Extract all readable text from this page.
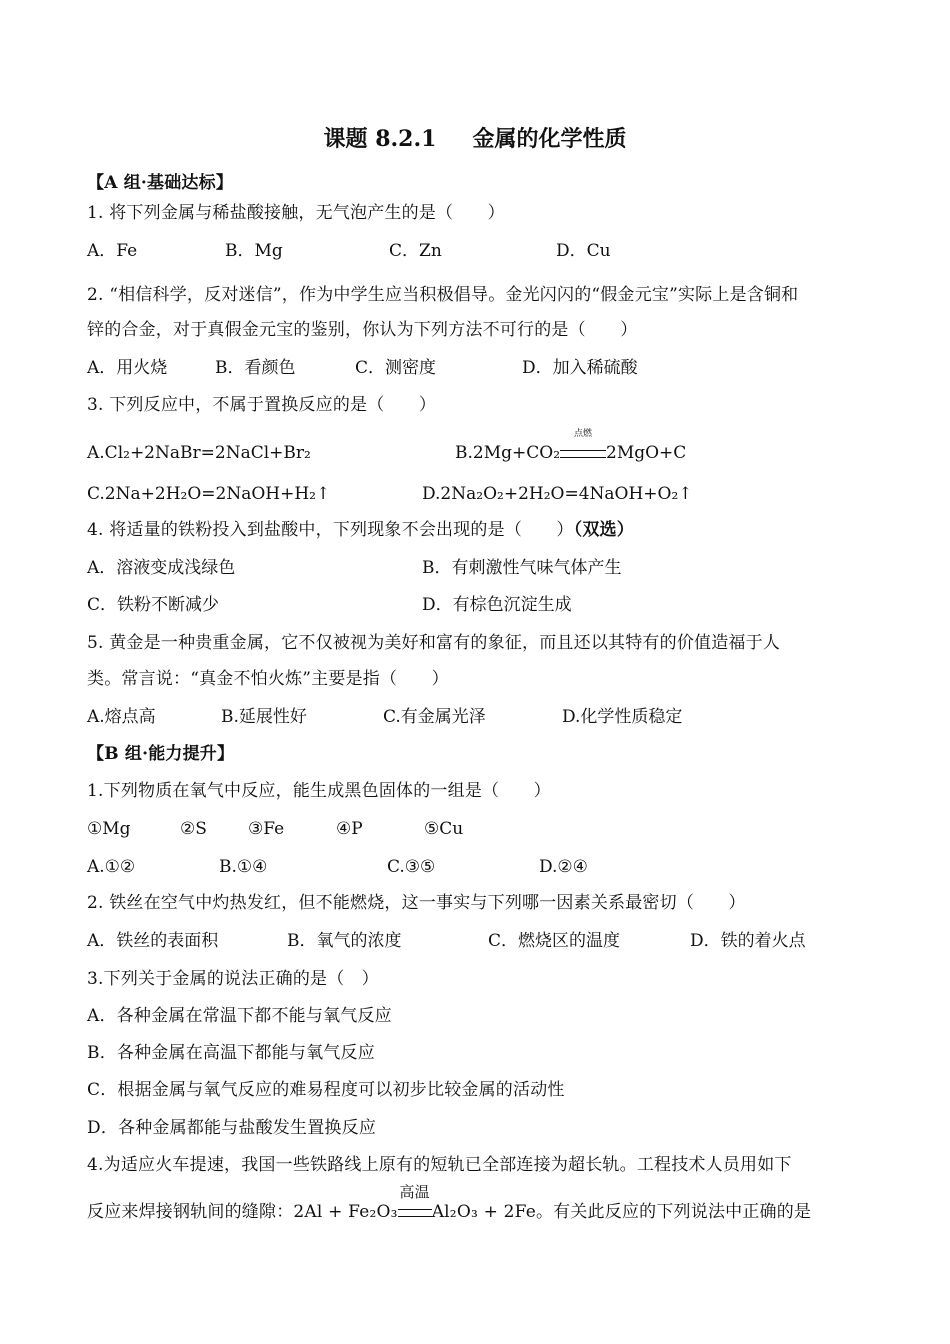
课题 8.2.1 金属的化学性质
【A 组·基础达标】
1. 将下列金属与稀盐酸接触，无气泡产生的是（　　）
A．Fe	B．Mg	C．Zn	D．Cu
2. “相信科学，反对迷信”，作为中学生应当积极倡导。金光闪闪的“假金元宝”实际上是含铜和
锌的合金，对于真假金元宝的鉴别，你认为下列方法不可行的是（　　）
A．用火烧	B．看颜色	C．测密度	D．加入稀硫酸
3. 下列反应中，不属于置换反应的是（　　）
A.Cl₂+2NaBr=2NaCl+Br₂	B.2Mg+CO₂
点燃
2MgO+C
C.2Na+2H₂O=2NaOH+H₂↑	D.2Na₂O₂+2H₂O=4NaOH+O₂↑
4. 将适量的铁粉投入到盐酸中，下列现象不会出现的是（　　）（双选）
A．溶液变成浅绿色	B．有刺激性气味气体产生
C．铁粉不断减少	D．有棕色沉淀生成
5. 黄金是一种贵重金属，它不仅被视为美好和富有的象征，而且还以其特有的价值造福于人
类。常言说：“真金不怕火炼”主要是指（　　）
A.熔点高	B.延展性好	C.有金属光泽	D.化学性质稳定
【B 组·能力提升】
1.下列物质在氧气中反应，能生成黑色固体的一组是（　　）
①Mg	②S ③Fe	④P	⑤Cu
A.①②	B.①④	C.③⑤	D.②④
2. 铁丝在空气中灼热发红，但不能燃烧，这一事实与下列哪一因素关系最密切（　　）
A．铁丝的表面积	B．氧气的浓度	C．燃烧区的温度	D．铁的着火点
3.下列关于金属的说法正确的是（　）
A．各种金属在常温下都不能与氧气反应
B．各种金属在高温下都能与氧气反应
C．根据金属与氧气反应的难易程度可以初步比较金属的活动性
D．各种金属都能与盐酸发生置换反应
4.为适应火车提速，我国一些铁路线上原有的短轨已全部连接为超长轨。工程技术人员用如下
反应来焊接钢轨间的缝隙：2Al + Fe₂O₃
高温
Al₂O₃ + 2Fe。有关此反应的下列说法中正确的是
